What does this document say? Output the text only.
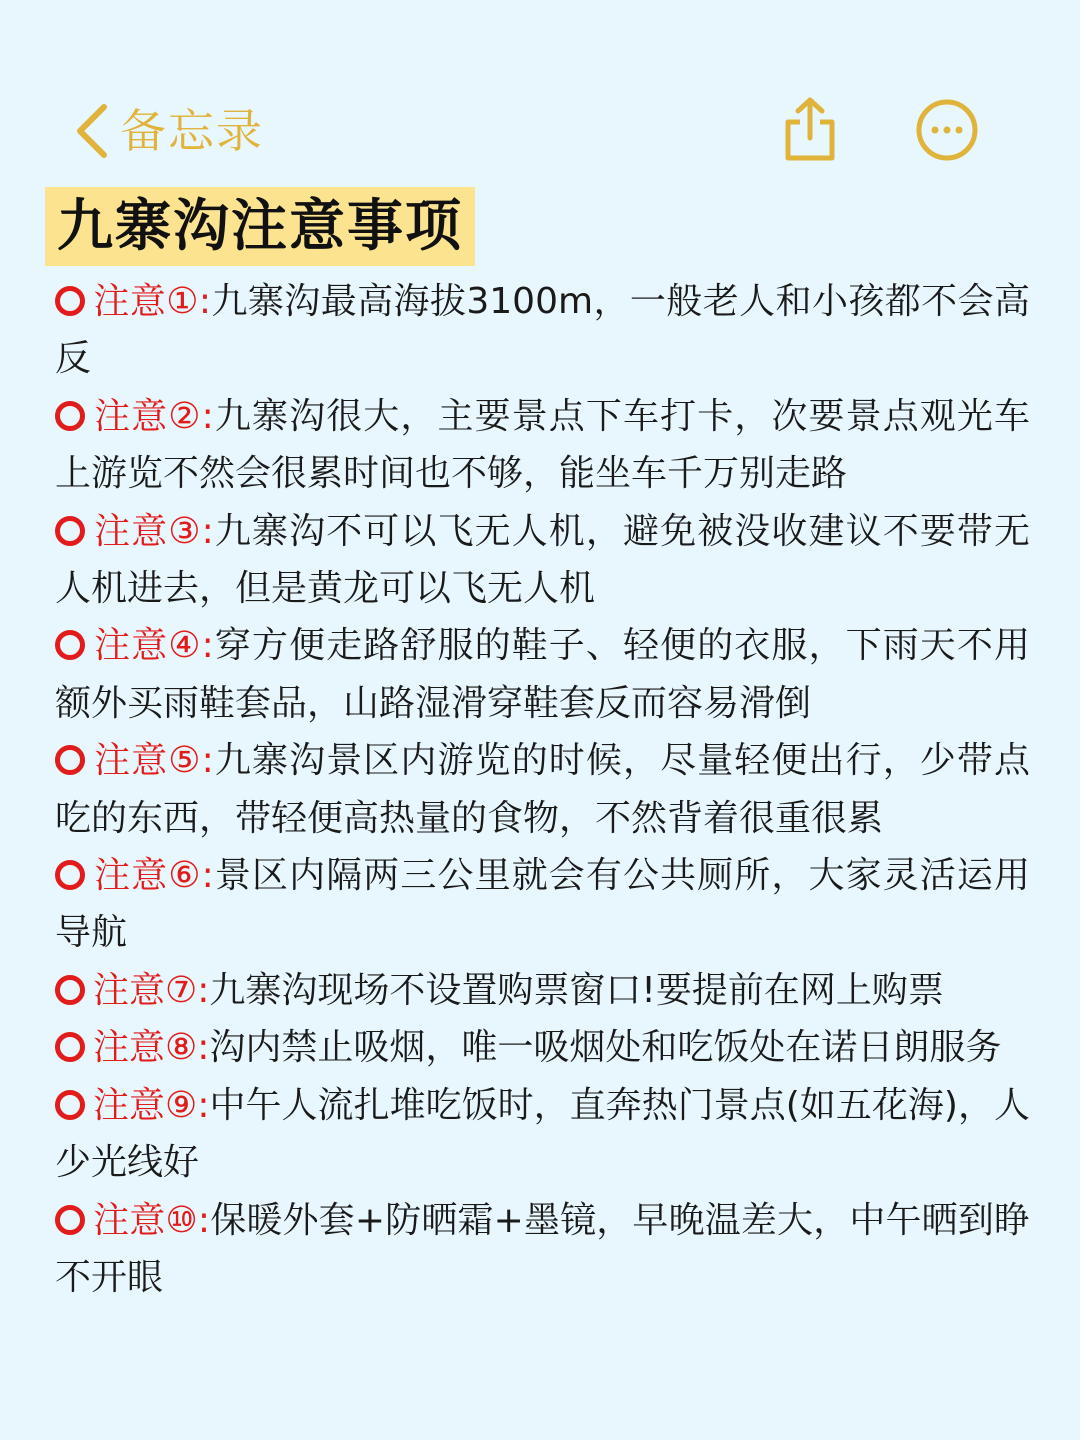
备忘录
九寨沟注意事项
注意①:九寨沟最高海拔3100m，一般老人和小孩都不会高反
注意②:九寨沟很大，主要景点下车打卡，次要景点观光车上游览不然会很累时间也不够，能坐车千万别走路
注意③:九寨沟不可以飞无人机，避免被没收建议不要带无人机进去，但是黄龙可以飞无人机
注意④:穿方便走路舒服的鞋子、轻便的衣服，下雨天不用额外买雨鞋套品，山路湿滑穿鞋套反而容易滑倒
注意⑤:九寨沟景区内游览的时候，尽量轻便出行，少带点吃的东西，带轻便高热量的食物，不然背着很重很累
注意⑥:景区内隔两三公里就会有公共厕所，大家灵活运用导航
注意⑦:九寨沟现场不设置购票窗口!要提前在网上购票
注意⑧:沟内禁止吸烟，唯一吸烟处和吃饭处在诺日朗服务
注意⑨:中午人流扎堆吃饭时，直奔热门景点(如五花海)，人少光线好
注意⑩:保暖外套+防晒霜+墨镜，早晚温差大，中午晒到睁不开眼
